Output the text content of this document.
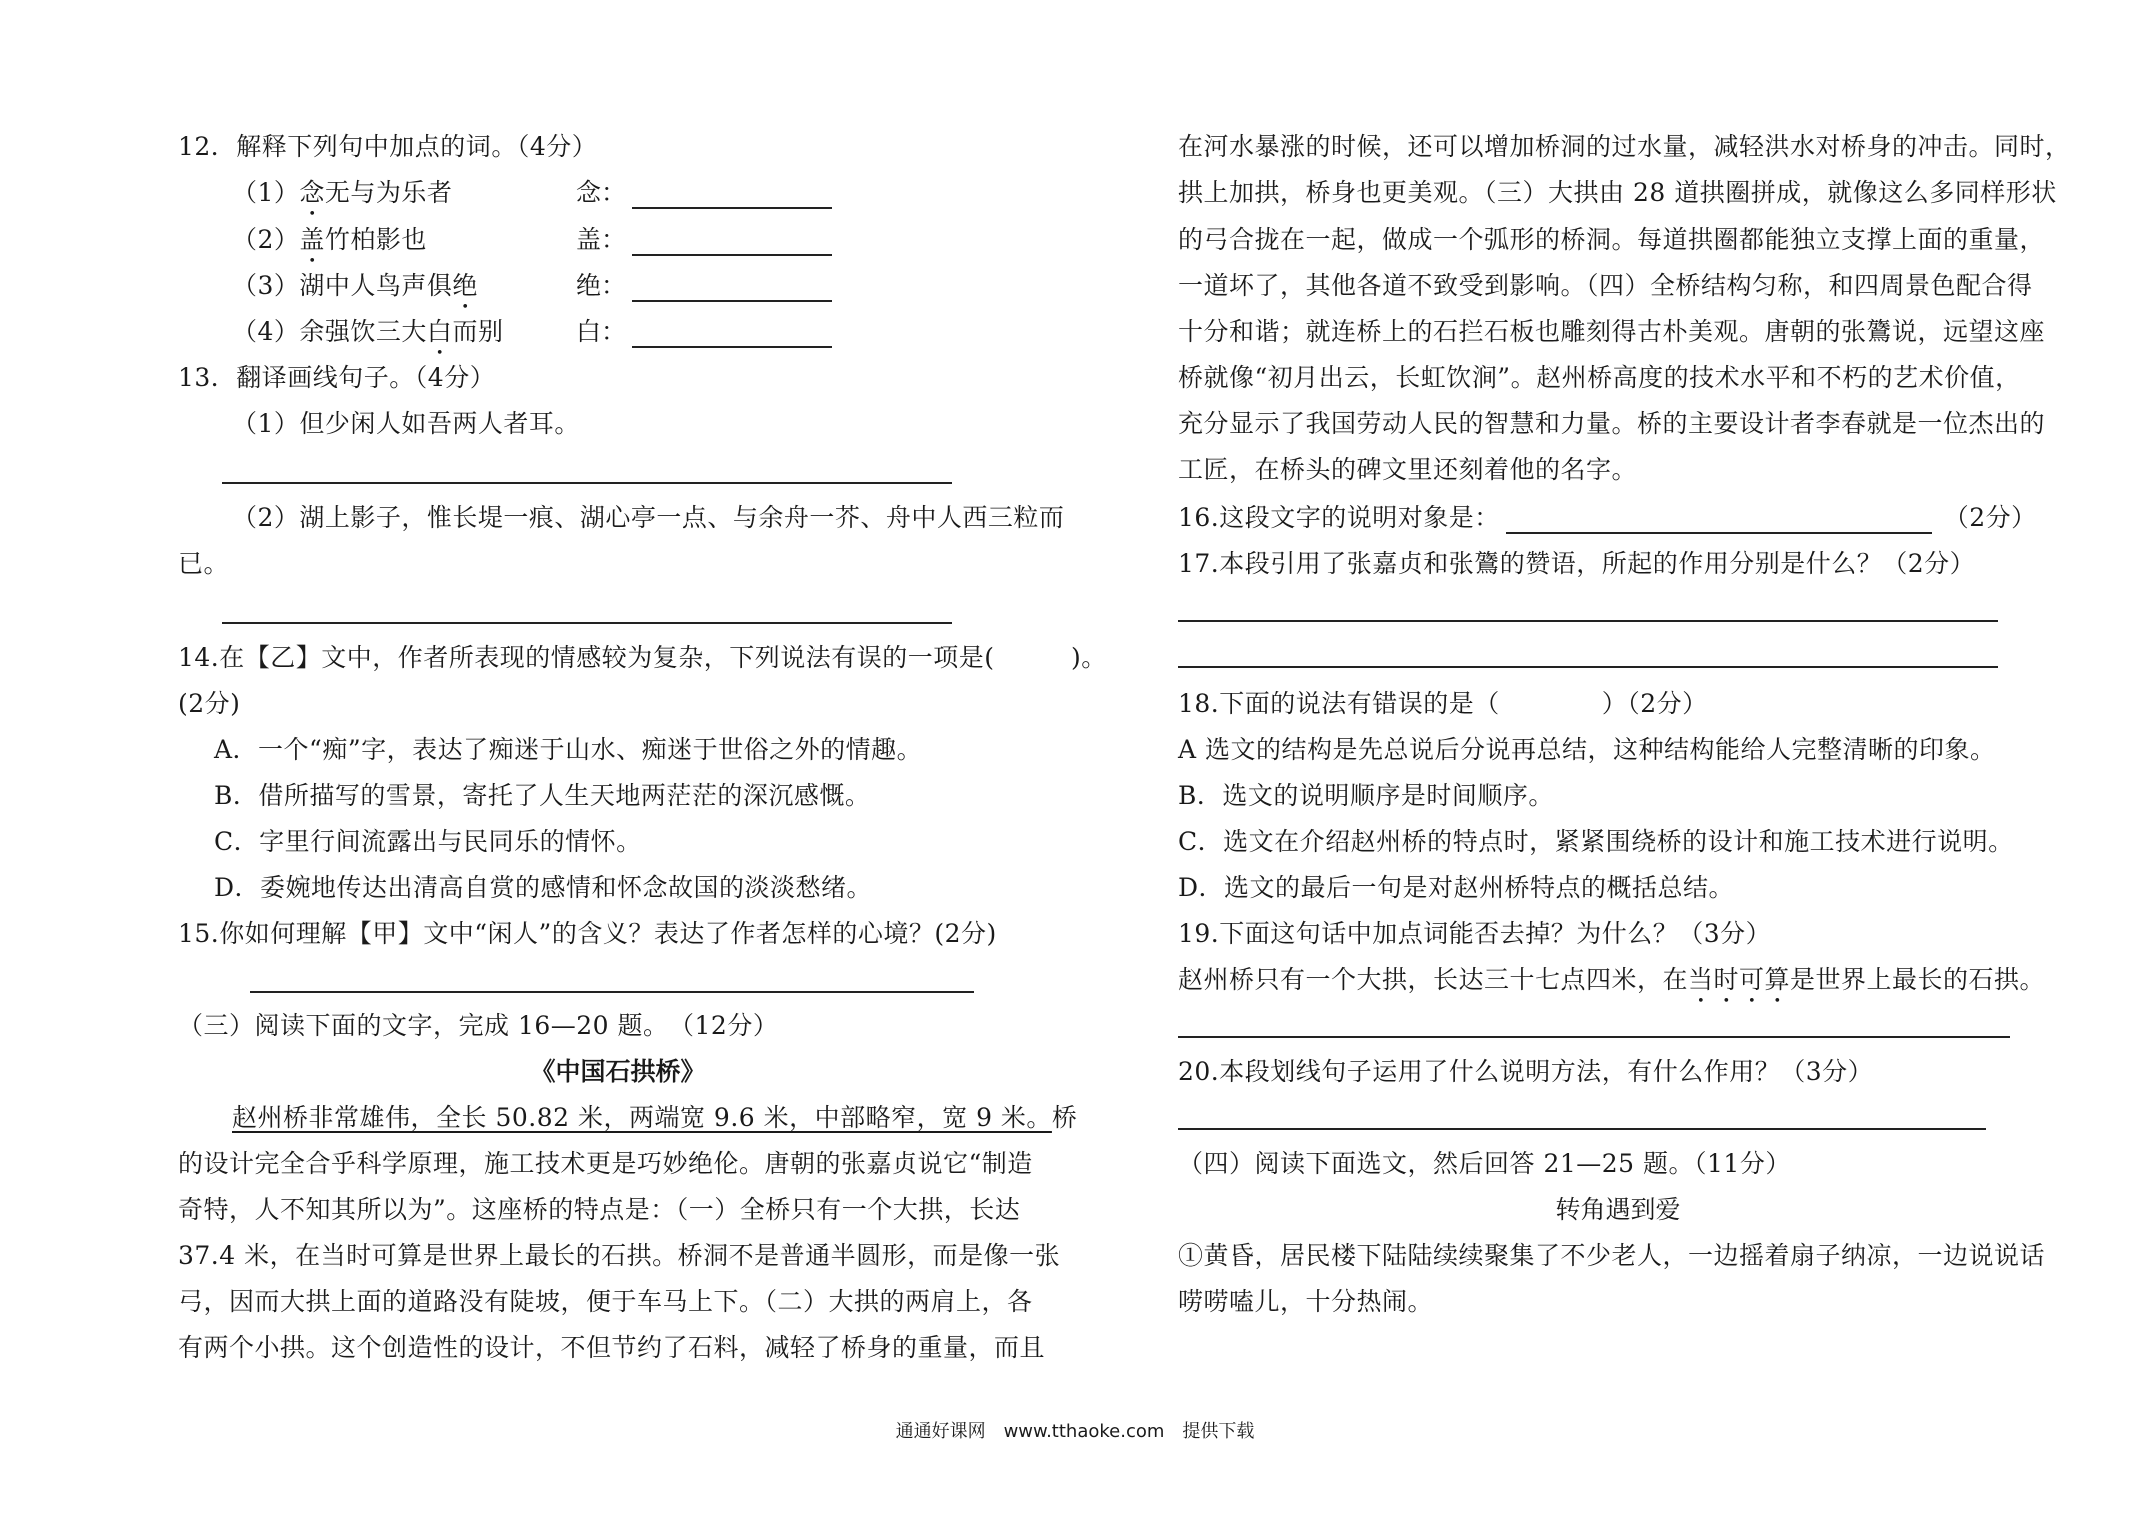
12．解释下列句中加点的词。（4分）
（1）念无与为乐者	念：
（2）盖竹柏影也	盖：
（3）湖中人鸟声俱绝	绝：
（4）余强饮三大白而别	白：
13．翻译画线句子。（4分）
（1）但少闲人如吾两人者耳。
（2）湖上影子，惟长堤一痕、湖心亭一点、与余舟一芥、舟中人西三粒而
已。
14.在【乙】文中，作者所表现的情感较为复杂，下列说法有误的一项是(　　　)。
(2分)
A．一个“痴”字，表达了痴迷于山水、痴迷于世俗之外的情趣。
B．借所描写的雪景，寄托了人生天地两茫茫的深沉感慨。
C．字里行间流露出与民同乐的情怀。
D．委婉地传达出清高自赏的感情和怀念故国的淡淡愁绪。
15.你如何理解【甲】文中“闲人”的含义？表达了作者怎样的心境？(2分)
（三）阅读下面的文字，完成 16—20 题。　（12分）
《中国石拱桥》
赵州桥非常雄伟，全长 50.82 米，两端宽 9.6 米，中部略窄，宽 9 米。桥
的设计完全合乎科学原理，施工技术更是巧妙绝伦。唐朝的张嘉贞说它“制造
奇特，人不知其所以为”。这座桥的特点是：（一）全桥只有一个大拱，长达
37.4 米，在当时可算是世界上最长的石拱。桥洞不是普通半圆形，而是像一张
弓，因而大拱上面的道路没有陡坡，便于车马上下。（二）大拱的两肩上，各
有两个小拱。这个创造性的设计，不但节约了石料，减轻了桥身的重量，而且
在河水暴涨的时候，还可以增加桥洞的过水量，减轻洪水对桥身的冲击。同时，
拱上加拱，桥身也更美观。（三）大拱由 28 道拱圈拼成，就像这么多同样形状
的弓合拢在一起，做成一个弧形的桥洞。每道拱圈都能独立支撑上面的重量，
一道坏了，其他各道不致受到影响。（四）全桥结构匀称，和四周景色配合得
十分和谐；就连桥上的石拦石板也雕刻得古朴美观。唐朝的张鷟说，远望这座
桥就像“初月出云，长虹饮涧”。赵州桥高度的技术水平和不朽的艺术价值，
充分显示了我国劳动人民的智慧和力量。桥的主要设计者李春就是一位杰出的
工匠，在桥头的碑文里还刻着他的名字。
16.这段文字的说明对象是：	（2分）
17.本段引用了张嘉贞和张鷟的赞语，所起的作用分别是什么？（2分）
18.下面的说法有错误的是（　　　　）（2分）
A 选文的结构是先总说后分说再总结，这种结构能给人完整清晰的印象。
B．选文的说明顺序是时间顺序。
C．选文在介绍赵州桥的特点时，紧紧围绕桥的设计和施工技术进行说明。
D．选文的最后一句是对赵州桥特点的概括总结。
19.下面这句话中加点词能否去掉？为什么？（3分）
赵州桥只有一个大拱，长达三十七点四米，在当时可算是世界上最长的石拱。
20.本段划线句子运用了什么说明方法，有什么作用？（3分）
（四）阅读下面选文，然后回答 21—25 题。（11分）
转角遇到爱
①黄昏，居民楼下陆陆续续聚集了不少老人，一边摇着扇子纳凉，一边说说话
唠唠嗑儿，十分热闹。
通通好课网　www.tthaoke.com　提供下载
